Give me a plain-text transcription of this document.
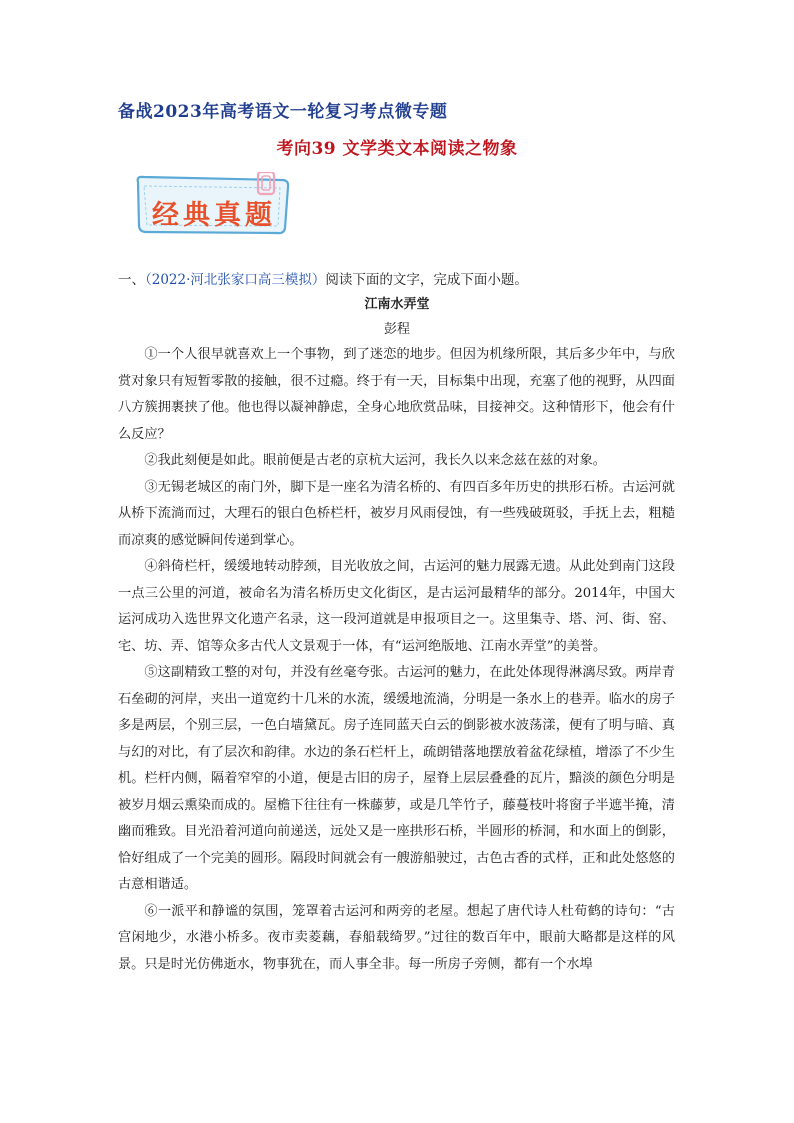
备战2023年高考语文一轮复习考点微专题
考向39 文学类文本阅读之物象
经典真题
一、（2022·河北张家口高三模拟）阅读下面的文字，完成下面小题。
江南水弄堂
彭程

①一个人很早就喜欢上一个事物，到了迷恋的地步。但因为机缘所限，其后多少年中，与欣赏对象只有短暂零散的接触，很不过瘾。终于有一天，目标集中出现，充塞了他的视野，从四面八方簇拥裹挟了他。他也得以凝神静虑，全身心地欣赏品味，目接神交。这种情形下，他会有什么反应？

②我此刻便是如此。眼前便是古老的京杭大运河，我长久以来念兹在兹的对象。

③无锡老城区的南门外，脚下是一座名为清名桥的、有四百多年历史的拱形石桥。古运河就从桥下流淌而过，大理石的银白色桥栏杆，被岁月风雨侵蚀，有一些残破斑驳，手抚上去，粗糙而凉爽的感觉瞬间传递到掌心。

④斜倚栏杆，缓缓地转动脖颈，目光收放之间，古运河的魅力展露无遗。从此处到南门这段一点三公里的河道，被命名为清名桥历史文化街区，是古运河最精华的部分。2014年，中国大运河成功入选世界文化遗产名录，这一段河道就是申报项目之一。这里集寺、塔、河、街、窑、宅、坊、弄、馆等众多古代人文景观于一体，有“运河绝版地、江南水弄堂”的美誉。

⑤这副精致工整的对句，并没有丝毫夸张。古运河的魅力，在此处体现得淋漓尽致。两岸青石垒砌的河岸，夹出一道宽约十几米的水流，缓缓地流淌，分明是一条水上的巷弄。临水的房子多是两层，个别三层，一色白墙黛瓦。房子连同蓝天白云的倒影被水波荡漾，便有了明与暗、真与幻的对比，有了层次和韵律。水边的条石栏杆上，疏朗错落地摆放着盆花绿植，增添了不少生机。栏杆内侧，隔着窄窄的小道，便是古旧的房子，屋脊上层层叠叠的瓦片，黯淡的颜色分明是被岁月烟云熏染而成的。屋檐下往往有一株藤萝，或是几竿竹子，藤蔓枝叶将窗子半遮半掩，清幽而雅致。目光沿着河道向前递送，远处又是一座拱形石桥，半圆形的桥洞，和水面上的倒影，恰好组成了一个完美的圆形。隔段时间就会有一艘游船驶过，古色古香的式样，正和此处悠悠的古意相谐适。

⑥一派平和静谧的氛围，笼罩着古运河和两旁的老屋。想起了唐代诗人杜荀鹤的诗句：“古宫闲地少，水港小桥多。夜市卖菱藕，春船载绮罗。”过往的数百年中，眼前大略都是这样的风景。只是时光仿佛逝水，物事犹在，而人事全非。每一所房子旁侧，都有一个水埠
